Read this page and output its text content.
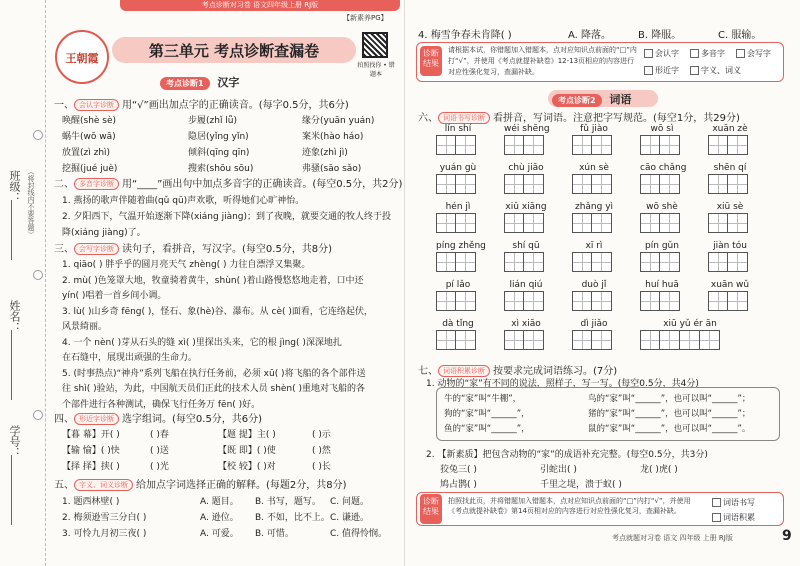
班级：
姓名：
学号：
（将封线内不要答题）
考点诊断对习卷 语文四年级上册 RJ版
【新素养PG】
王朝霞	第三单元 考点诊断查漏卷
拍照找你 • 错题本
考点诊断1 汉字
一、 会认字诊断 用“√”画出加点字的正确读音。(每字0.5分，共6分)
唤醒(shè sè)	步履(zhǐ lǚ)	缘分(yuān yuán)
蜗牛(wō wā)	隐居(yǐng yǐn)	案米(hào háo)
放置(zì zhì)	倾斜(qīng qīn)	迹象(zhì jì)
挖掘(jué juè)	搜索(shōu sōu)	弗骚(sāo sǎo)
二、 多音字诊断 用“____”画出句中加点多音字的正确读音。(每空0.5分，共2分)
1. 燕扬的歌声伴随着曲(qǔ qū)声欢歌，听得她们心旷神怡。
2. 夕阳西下，气温开始逐渐下降(xiáng jiàng)；到了夜晚，就要交通的牧人终于投
降(xiáng jiàng)了。
三、 会写字诊断 读句子，看拼音，写汉字。(每空0.5分，共8分)
1. qiāo( ) 胖乎乎的圆月亮天气 zhèng( ) 力往自漂浮又集聚。
2. mù( )色笼罩大地，牧童骑着黄牛，shùn( )着山路慢悠悠地走着，口中还
yín( )唱着一首乡间小调。
3. lù( )山乡奇 fēng( )，怪石、象(hè)谷、瀑布。从 cè( )面看，它连络起伏，
风景綺丽。
4. 一个 nèn( )芽从石头的缝 xì( )里探出头来，它的根 jìng( )深深地扎
在石缝中，展现出顽强的生命力。
5. (时事热点)“神舟”系列飞船在执行任务前，必须 xū( )将飞船的各个部件送
往 shì( )验站，为此，中国航天员们正此的技术人员 shèn( )重地对飞船的各
个部件进行各种测试，确保飞行任务万 fēn( )好。
四、 形近字诊断 选字组词。(每空0.5分，共6分)
【暮 幕】开( )	( )春	【题 提】主( )	( )示
【输 愉】( )快	( )送	【既 即】( )使	( )然
【择 择】挟( )	( )光	【校 较】( )对	( )长
五、 字义、词义诊断 给加点字词选择正确的解释。(每题2分，共8分)
1. 题西林壁( )	A. 题目。 B. 书写，题写。 C. 问题。
2. 梅须逊雪三分白( )	A. 逊位。 B. 不如，比不上。 C. 谦逊。
3. 可怜九月初三夜( )	A. 可爱。 B. 可惜。	C. 值得怜悯。
4. 梅雪争春未肯降( )	A. 降落。	B. 降服。	C. 服输。
诊断结果
请根据本试，你错题加入错题本，点对应知识点前面的“□”内打“√”，并使用《考点就提补缺卷》12-13页相应的内容进行对应性强化复习，查漏补缺。
会认字	多音字	会写字
形近字	字义、词义
考点诊断2 词语
六、 词语书写诊断 看拼音，写词语。注意把字写规范。(每空1分，共29分)
lín shí	wéi shēng	fǔ jiào	wō sì	xuān zè
yuán gù	chù jiāo	xún sè	cāo chǎng	shēn qí
hén jì	xiǔ xiāng	zhǎng yì	wō shè	xiū sè
píng zhěng	shí qū	xī rì	pín gǔn	jiàn tóu
pí lǎo	lián qiú	duò jǐ	huí huā	xuān wǔ
dà tǐng	xì xiāo	dì jiǎo	xiū yǔ ér ān
七、 词语积累诊断 按要求完成词语练习。(7分)
1. 动物的“家”有不同的说法，照样子，写一写。(每空0.5分，共4分)
牛的“家”叫“牛棚”，	鸟的“家”叫“______”，也可以叫“______”；
狗的“家”叫“______”，	猪的“家”叫“______”，也可以叫“______”；
鱼的“家”叫“______”，	鼠的“家”叫“______”，也可以叫“______”。
2. 【新素质】把包含动物的“家”的成语补充完整。(每空0.5分，共3分)
狡兔三( )	引蛇出( )	龙( )虎( )
鸠占鹊( )	千里之堤，溃于蚁( )
诊断结果
拍照找此页，并将错题加入错题本，点对应知识点前面的“□”内打“√”，并使用《考点就提补缺卷》第14页相对应的内容进行对应性强化复习，查漏补缺。
词语书写
词语积累
考点就题对习卷 语文 四年级 上册 RJ版	9
